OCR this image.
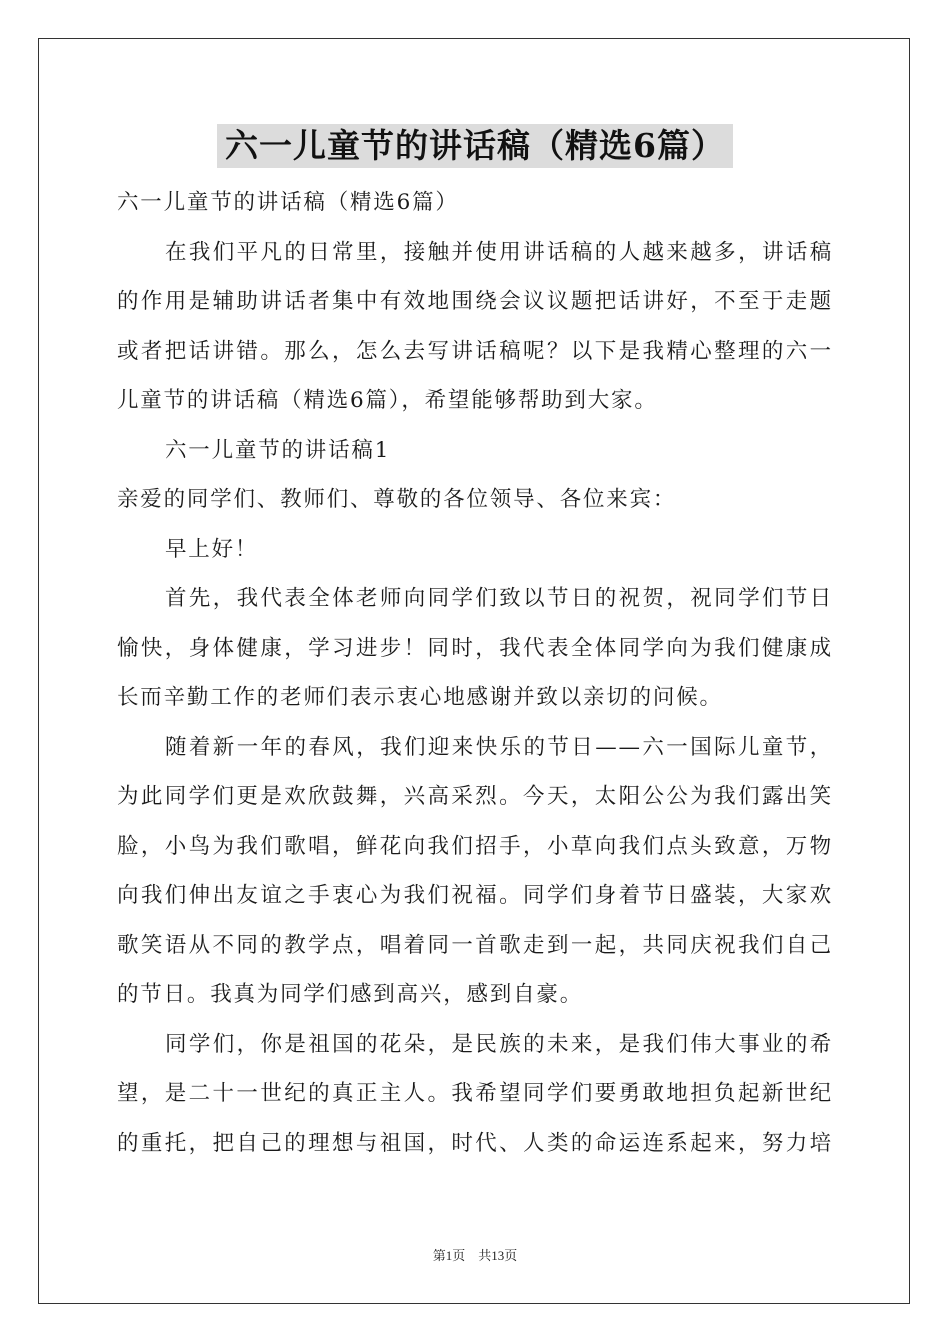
六一儿童节的讲话稿（精选6篇）
六一儿童节的讲话稿（精选6篇）
在我们平凡的日常里，接触并使用讲话稿的人越来越多，讲话稿
的作用是辅助讲话者集中有效地围绕会议议题把话讲好，不至于走题
或者把话讲错。那么，怎么去写讲话稿呢？以下是我精心整理的六一
儿童节的讲话稿（精选6篇），希望能够帮助到大家。
六一儿童节的讲话稿1
亲爱的同学们、教师们、尊敬的各位领导、各位来宾：
早上好！
首先，我代表全体老师向同学们致以节日的祝贺，祝同学们节日
愉快，身体健康，学习进步！同时，我代表全体同学向为我们健康成
长而辛勤工作的老师们表示衷心地感谢并致以亲切的问候。
随着新一年的春风，我们迎来快乐的节日——六一国际儿童节，
为此同学们更是欢欣鼓舞，兴高采烈。今天，太阳公公为我们露出笑
脸，小鸟为我们歌唱，鲜花向我们招手，小草向我们点头致意，万物
向我们伸出友谊之手衷心为我们祝福。同学们身着节日盛装，大家欢
歌笑语从不同的教学点，唱着同一首歌走到一起，共同庆祝我们自己
的节日。我真为同学们感到高兴，感到自豪。
同学们，你是祖国的花朵，是民族的未来，是我们伟大事业的希
望，是二十一世纪的真正主人。我希望同学们要勇敢地担负起新世纪
的重托，把自己的理想与祖国，时代、人类的命运连系起来，努力培
第1页　共13页
